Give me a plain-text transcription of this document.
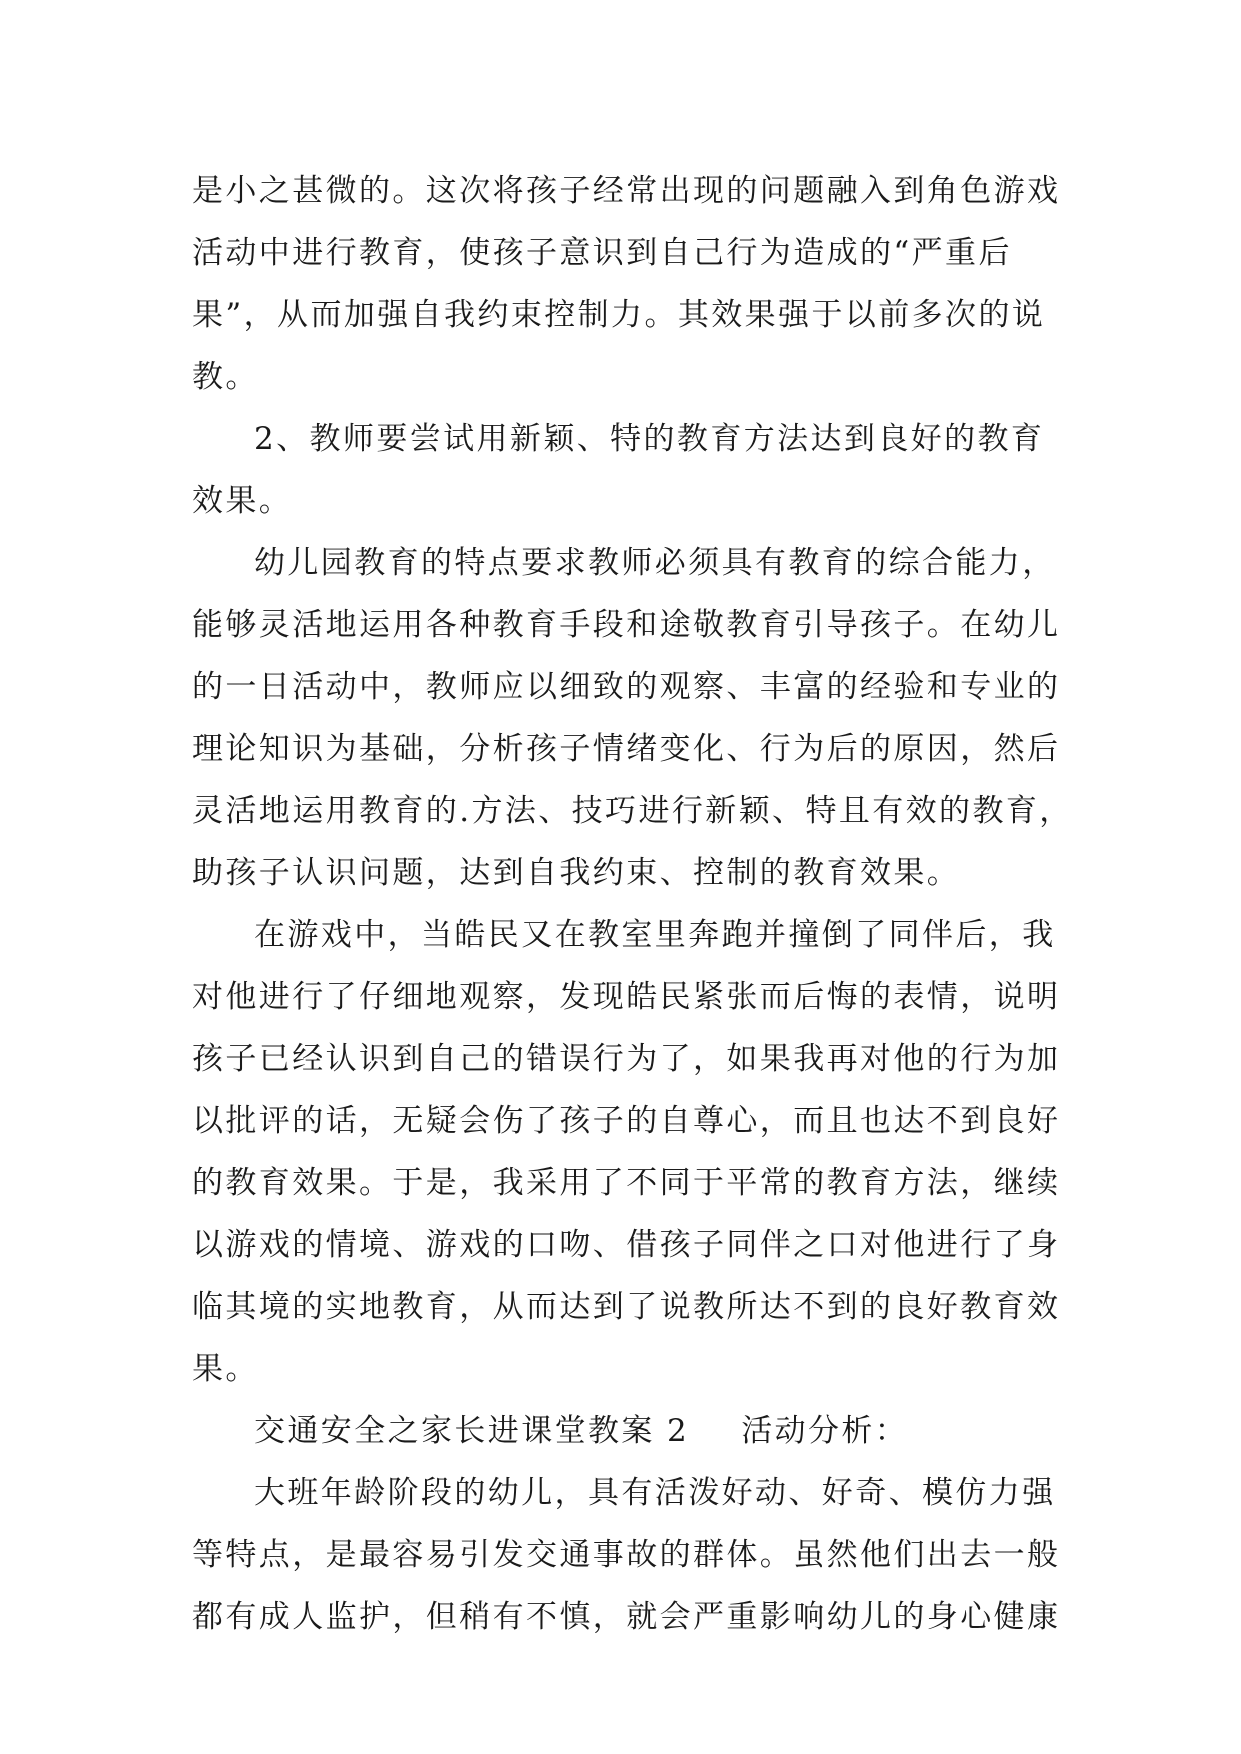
是小之甚微的。这次将孩子经常出现的问题融入到角色游戏
活动中进行教育，使孩子意识到自己行为造成的“严重后
果”，从而加强自我约束控制力。其效果强于以前多次的说
教。
2、教师要尝试用新颖、特的教育方法达到良好的教育
效果。
幼儿园教育的特点要求教师必须具有教育的综合能力，
能够灵活地运用各种教育手段和途敬教育引导孩子。在幼儿
的一日活动中，教师应以细致的观察、丰富的经验和专业的
理论知识为基础，分析孩子情绪变化、行为后的原因，然后
灵活地运用教育的.方法、技巧进行新颖、特且有效的教育，
助孩子认识问题，达到自我约束、控制的教育效果。
在游戏中，当皓民又在教室里奔跑并撞倒了同伴后，我
对他进行了仔细地观察，发现皓民紧张而后悔的表情，说明
孩子已经认识到自己的错误行为了，如果我再对他的行为加
以批评的话，无疑会伤了孩子的自尊心，而且也达不到良好
的教育效果。于是，我采用了不同于平常的教育方法，继续
以游戏的情境、游戏的口吻、借孩子同伴之口对他进行了身
临其境的实地教育，从而达到了说教所达不到的良好教育效
果。
交通安全之家长进课堂教案 2 活动分析：
大班年龄阶段的幼儿，具有活泼好动、好奇、模仿力强
等特点，是最容易引发交通事故的群体。虽然他们出去一般
都有成人监护，但稍有不慎，就会严重影响幼儿的身心健康
